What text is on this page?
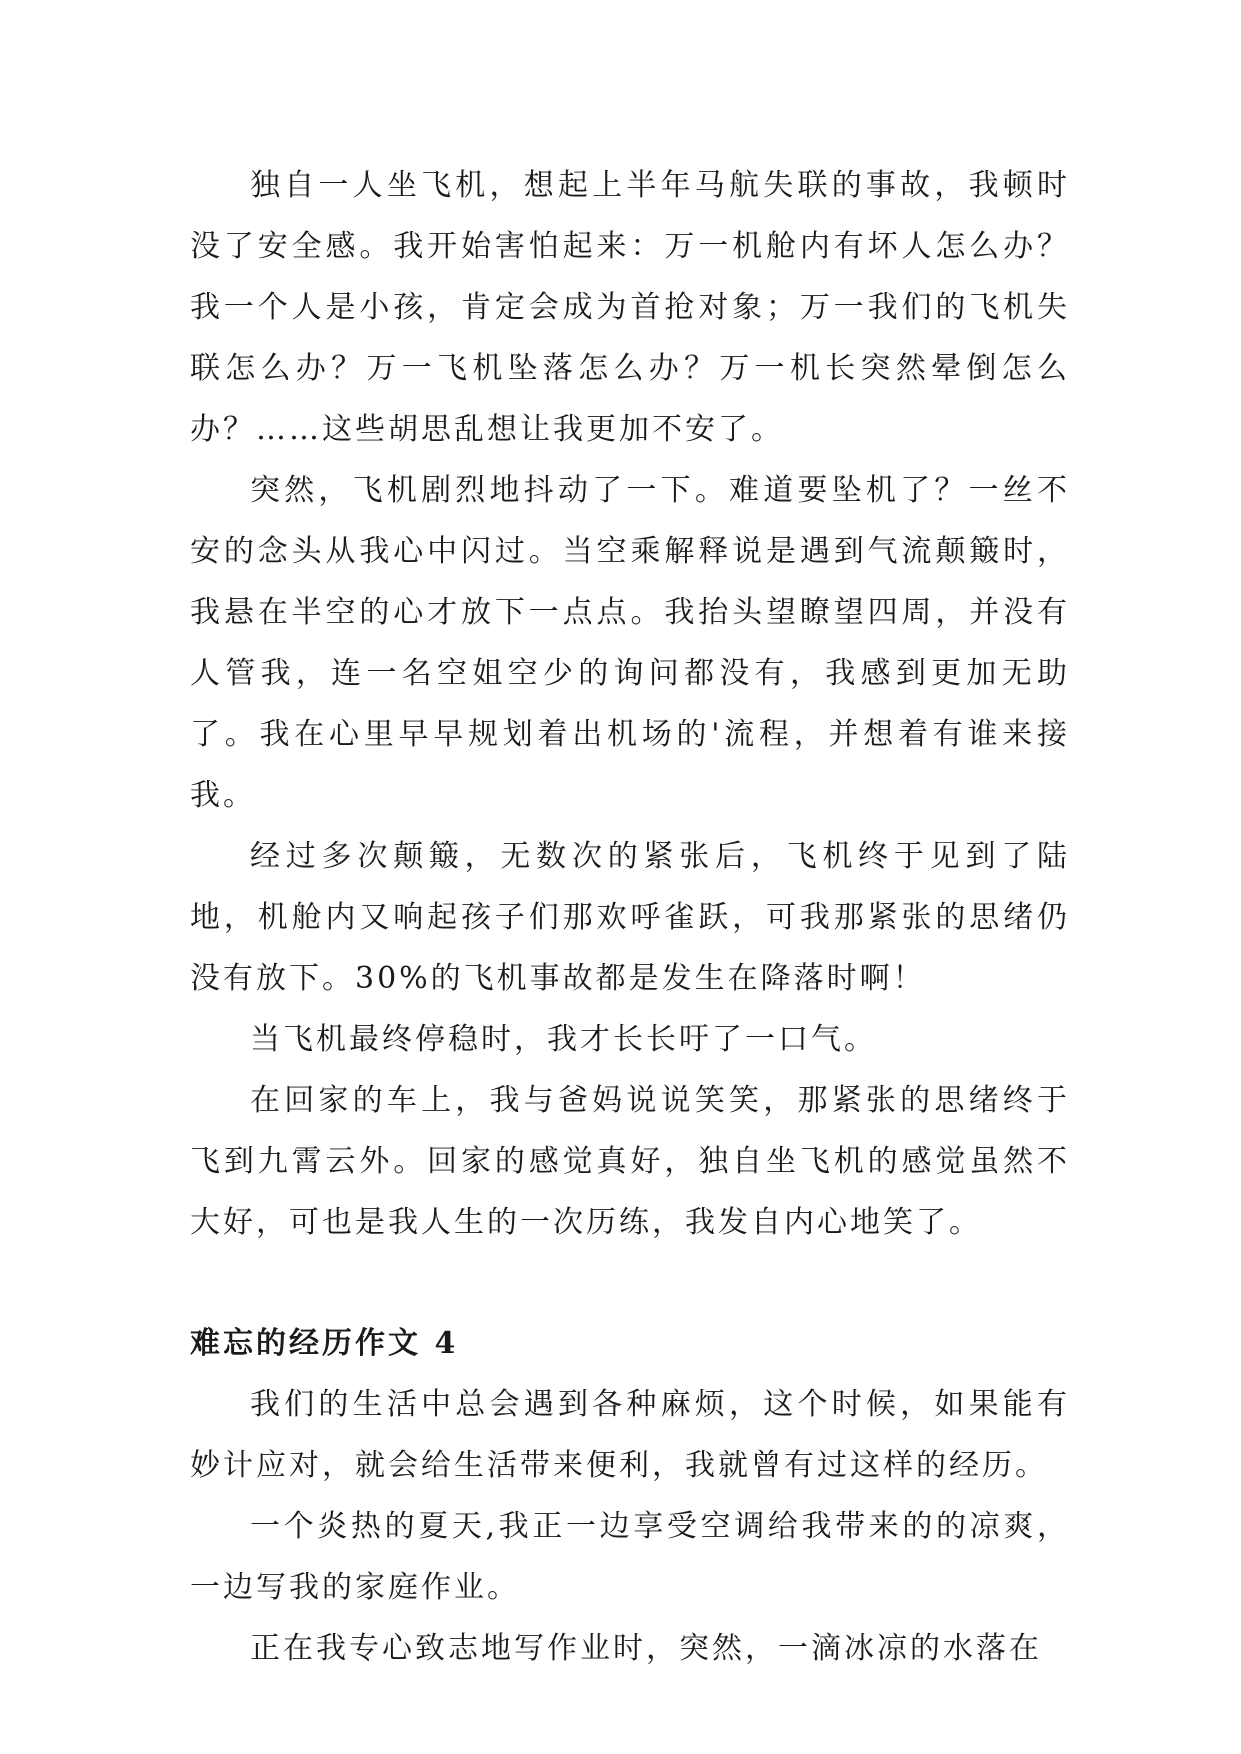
独自一人坐飞机，想起上半年马航失联的事故，我顿时没了安全感。我开始害怕起来：万一机舱内有坏人怎么办？我一个人是小孩，肯定会成为首抢对象；万一我们的飞机失联怎么办？万一飞机坠落怎么办？万一机长突然晕倒怎么办？……这些胡思乱想让我更加不安了。

突然，飞机剧烈地抖动了一下。难道要坠机了？一丝不安的念头从我心中闪过。当空乘解释说是遇到气流颠簸时，我悬在半空的心才放下一点点。我抬头望瞭望四周，并没有人管我，连一名空姐空少的询问都没有，我感到更加无助了。我在心里早早规划着出机场的'流程，并想着有谁来接我。

经过多次颠簸，无数次的紧张后，飞机终于见到了陆地，机舱内又响起孩子们那欢呼雀跃，可我那紧张的思绪仍没有放下。30%的飞机事故都是发生在降落时啊！

当飞机最终停稳时，我才长长吁了一口气。

在回家的车上，我与爸妈说说笑笑，那紧张的思绪终于飞到九霄云外。回家的感觉真好，独自坐飞机的感觉虽然不大好，可也是我人生的一次历练，我发自内心地笑了。

难忘的经历作文 4

我们的生活中总会遇到各种麻烦，这个时候，如果能有妙计应对，就会给生活带来便利，我就曾有过这样的经历。

一个炎热的夏天,我正一边享受空调给我带来的的凉爽，一边写我的家庭作业。

正在我专心致志地写作业时，突然，一滴冰凉的水落在
